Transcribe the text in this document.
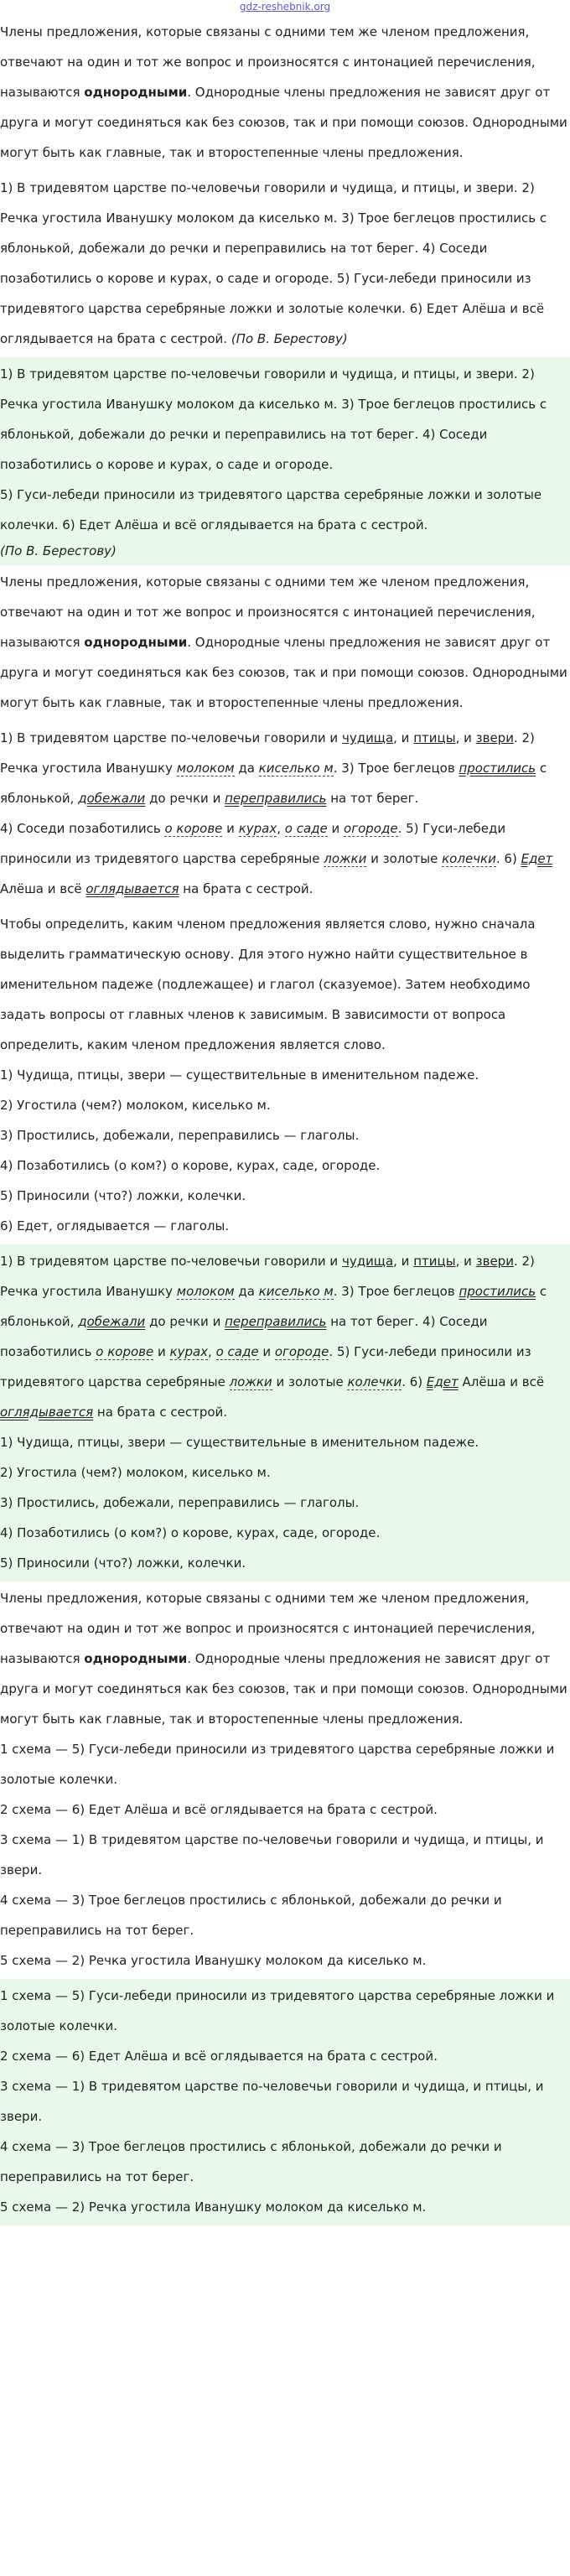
gdz-reshebnik.org

Члены предложения, которые связаны с одними тем же членом предложения, отвечают на один и тот же вопрос и произносятся с интонацией перечисления, называются однородными. Однородные члены предложения не зависят друг от друга и могут соединяться как без союзов, так и при помощи союзов. Однородными могут быть как главные, так и второстепенные члены предложения.

1) В тридевятом царстве по-человечьи говорили и чудища, и птицы, и звери. 2) Речка угостила Иванушку молоком да киселько м. 3) Трое беглецов простились с яблонькой, добежали до речки и переправились на тот берег. 4) Соседи позаботились о корове и курах, о саде и огороде. 5) Гуси-лебеди приносили из тридевятого царства серебряные ложки и золотые колечки. 6) Едет Алёша и всё оглядывается на брата с сестрой. (По В. Берестову)

1) В тридевятом царстве по-человечьи говорили и чудища, и птицы, и звери. 2) Речка угостила Иванушку молоком да киселько м. 3) Трое беглецов простились с яблонькой, добежали до речки и переправились на тот берег. 4) Соседи позаботились о корове и курах, о саде и огороде.

5) Гуси-лебеди приносили из тридевятого царства серебряные ложки и золотые колечки. 6) Едет Алёша и всё оглядывается на брата с сестрой.

(По В. Берестову)

Члены предложения, которые связаны с одними тем же членом предложения, отвечают на один и тот же вопрос и произносятся с интонацией перечисления, называются однородными. Однородные члены предложения не зависят друг от друга и могут соединяться как без союзов, так и при помощи союзов. Однородными могут быть как главные, так и второстепенные члены предложения.

1) В тридевятом царстве по-человечьи говорили и чудища, и птицы, и звери. 2) Речка угостила Иванушку молоком да киселько м. 3) Трое беглецов простились с яблонькой, добежали до речки и переправились на тот берег.

4) Соседи позаботились о корове и курах, о саде и огороде. 5) Гуси-лебеди приносили из тридевятого царства серебряные ложки и золотые колечки. 6) Едет Алёша и всё оглядывается на брата с сестрой.

Чтобы определить, каким членом предложения является слово, нужно сначала выделить грамматическую основу. Для этого нужно найти существительное в именительном падеже (подлежащее) и глагол (сказуемое). Затем необходимо задать вопросы от главных членов к зависимым. В зависимости от вопроса определить, каким членом предложения является слово.

1) Чудища, птицы, звери — существительные в именительном падеже.

2) Угостила (чем?) молоком, киселько м.

3) Простились, добежали, переправились — глаголы.

4) Позаботились (о ком?) о корове, курах, саде, огороде.

5) Приносили (что?) ложки, колечки.

6) Едет, оглядывается — глаголы.

1) В тридевятом царстве по-человечьи говорили и чудища, и птицы, и звери. 2) Речка угостила Иванушку молоком да киселько м. 3) Трое беглецов простились с яблонькой, добежали до речки и переправились на тот берег. 4) Соседи позаботились о корове и курах, о саде и огороде. 5) Гуси-лебеди приносили из тридевятого царства серебряные ложки и золотые колечки. 6) Едет Алёша и всё оглядывается на брата с сестрой.

1) Чудища, птицы, звери — существительные в именительном падеже.

2) Угостила (чем?) молоком, киселько м.

3) Простились, добежали, переправились — глаголы.

4) Позаботились (о ком?) о корове, курах, саде, огороде.

5) Приносили (что?) ложки, колечки.

Члены предложения, которые связаны с одними тем же членом предложения, отвечают на один и тот же вопрос и произносятся с интонацией перечисления, называются однородными. Однородные члены предложения не зависят друг от друга и могут соединяться как без союзов, так и при помощи союзов. Однородными могут быть как главные, так и второстепенные члены предложения.

1 схема — 5) Гуси-лебеди приносили из тридевятого царства серебряные ложки и золотые колечки.

2 схема — 6) Едет Алёша и всё оглядывается на брата с сестрой.

3 схема — 1) В тридевятом царстве по-человечьи говорили и чудища, и птицы, и звери.

4 схема — 3) Трое беглецов простились с яблонькой, добежали до речки и переправились на тот берег.

5 схема — 2) Речка угостила Иванушку молоком да киселько м.

1 схема — 5) Гуси-лебеди приносили из тридевятого царства серебряные ложки и золотые колечки.

2 схема — 6) Едет Алёша и всё оглядывается на брата с сестрой.

3 схема — 1) В тридевятом царстве по-человечьи говорили и чудища, и птицы, и звери.

4 схема — 3) Трое беглецов простились с яблонькой, добежали до речки и переправились на тот берег.

5 схема — 2) Речка угостила Иванушку молоком да киселько м.
